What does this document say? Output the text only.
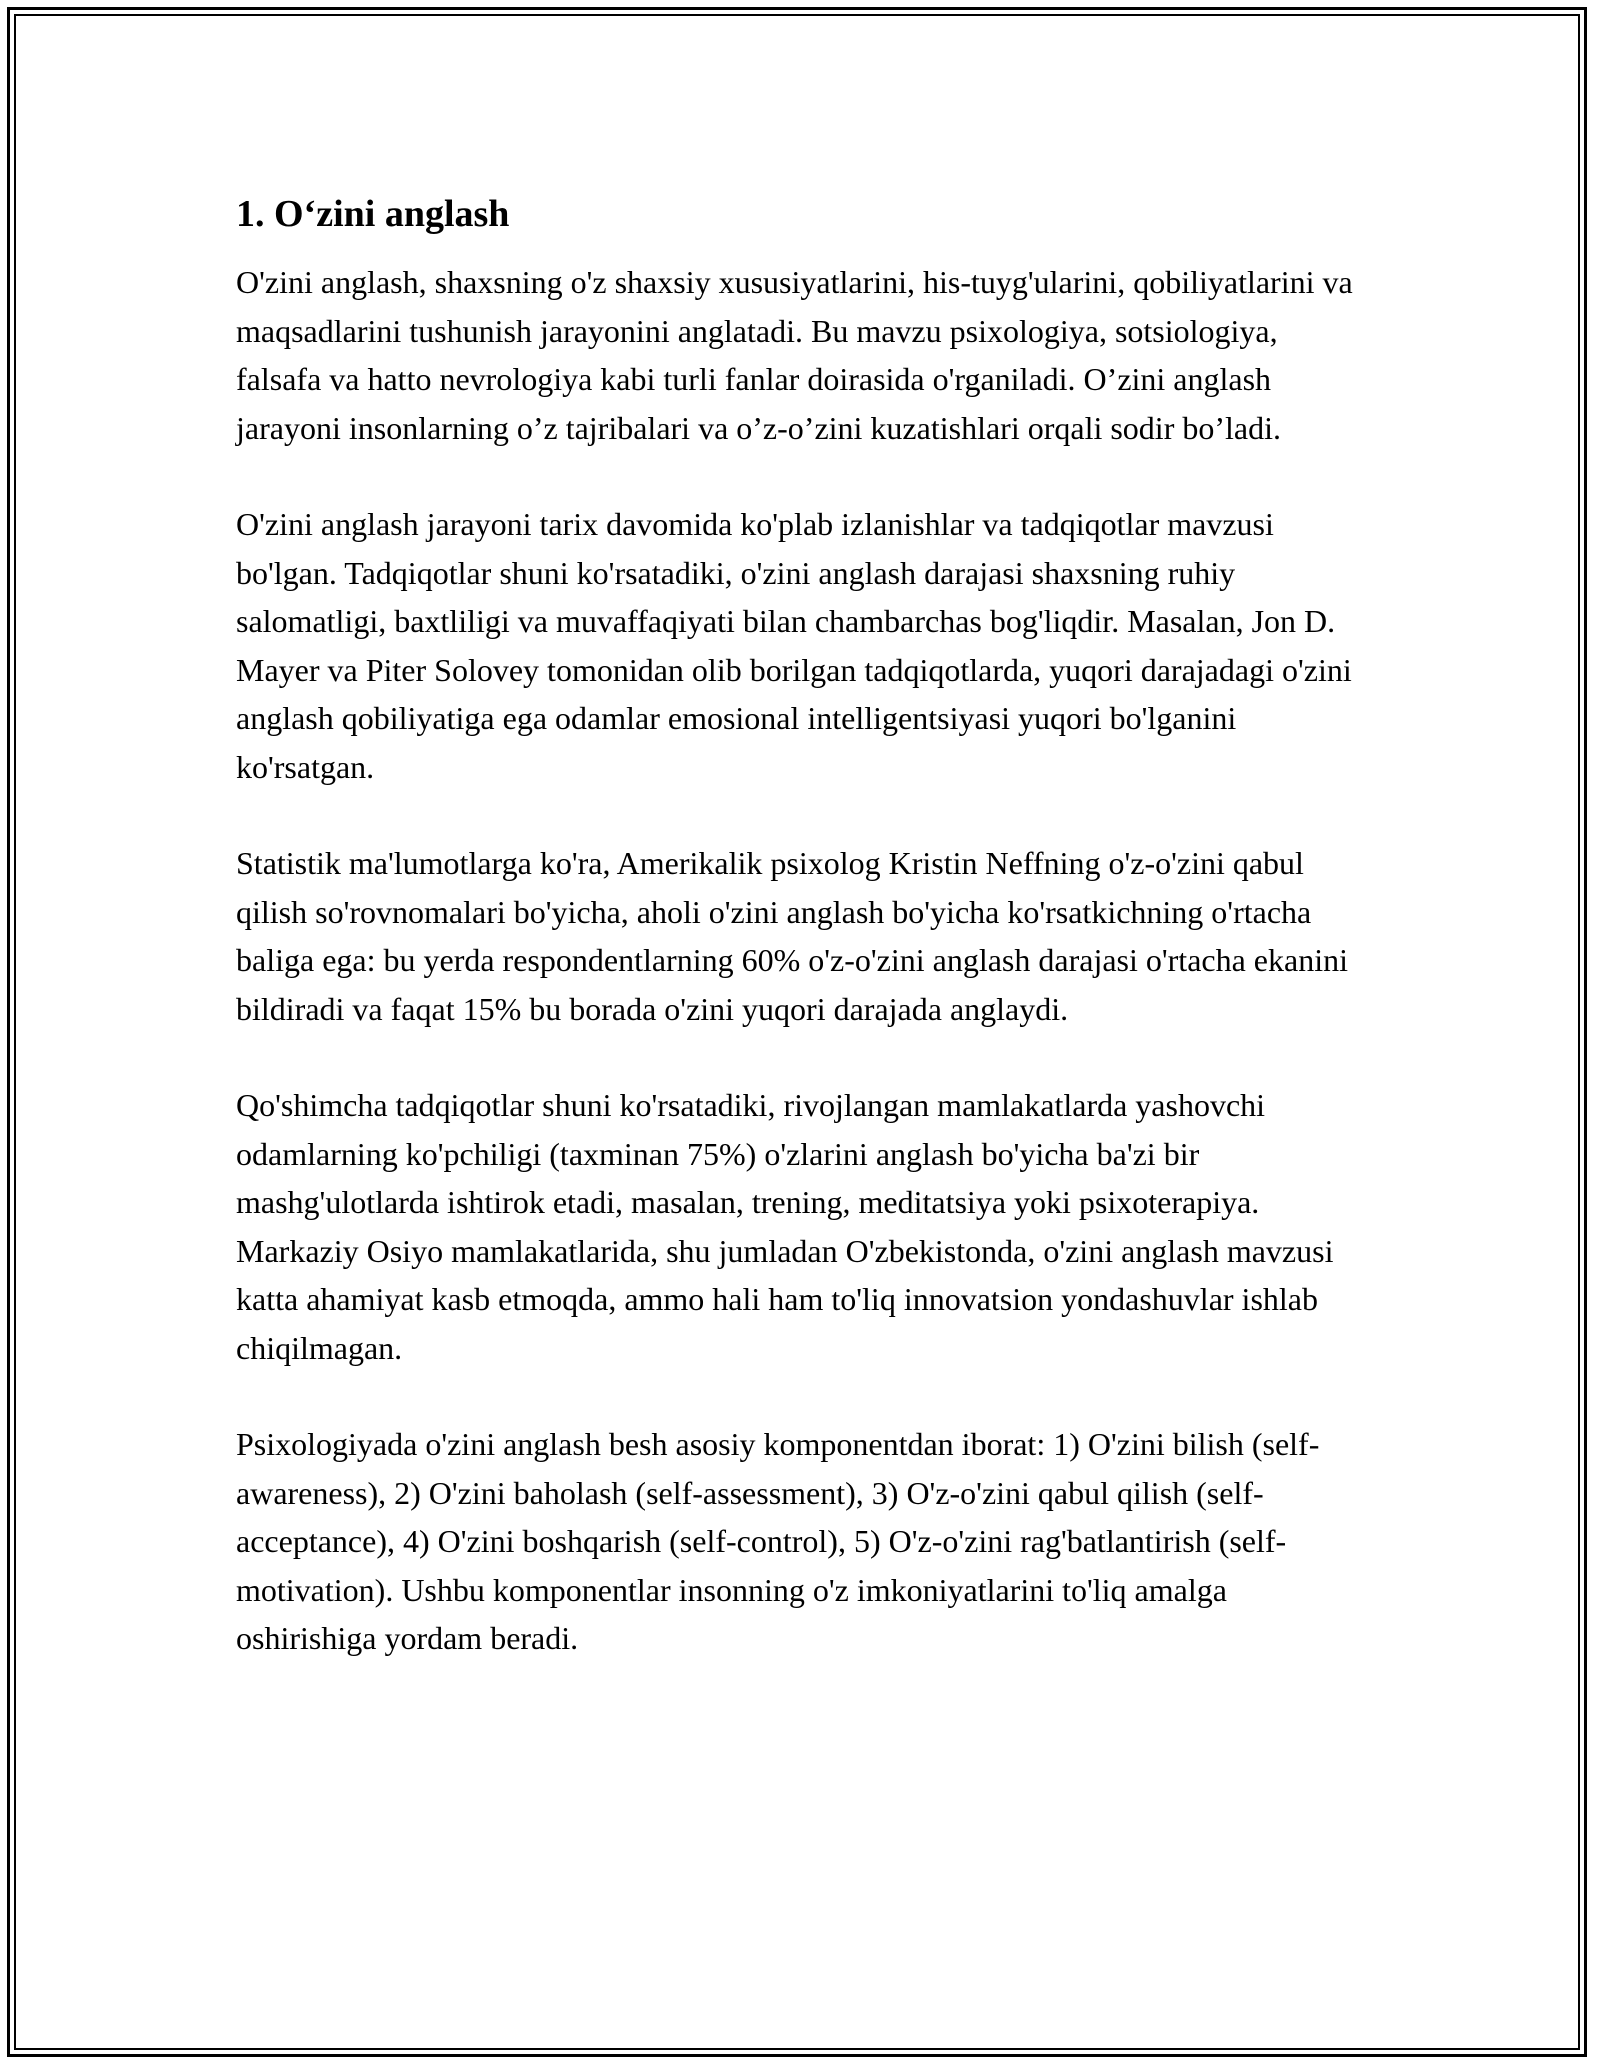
1. O‘zini anglash

O'zini anglash, shaxsning o'z shaxsiy xususiyatlarini, his-tuyg'ularini, qobiliyatlarini va maqsadlarini tushunish jarayonini anglatadi. Bu mavzu psixologiya, sotsiologiya, falsafa va hatto nevrologiya kabi turli fanlar doirasida o'rganiladi. O’zini anglash jarayoni insonlarning o’z tajribalari va o’z-o’zini kuzatishlari orqali sodir bo’ladi.

O'zini anglash jarayoni tarix davomida ko'plab izlanishlar va tadqiqotlar mavzusi bo'lgan. Tadqiqotlar shuni ko'rsatadiki, o'zini anglash darajasi shaxsning ruhiy salomatligi, baxtliligi va muvaffaqiyati bilan chambarchas bog'liqdir. Masalan, Jon D. Mayer va Piter Solovey tomonidan olib borilgan tadqiqotlarda, yuqori darajadagi o'zini anglash qobiliyatiga ega odamlar emosional intelligentsiyasi yuqori bo'lganini ko'rsatgan.

Statistik ma'lumotlarga ko'ra, Amerikalik psixolog Kristin Neffning o'z-o'zini qabul qilish so'rovnomalari bo'yicha, aholi o'zini anglash bo'yicha ko'rsatkichning o'rtacha baliga ega: bu yerda respondentlarning 60% o'z-o'zini anglash darajasi o'rtacha ekanini bildiradi va faqat 15% bu borada o'zini yuqori darajada anglaydi.

Qo'shimcha tadqiqotlar shuni ko'rsatadiki, rivojlangan mamlakatlarda yashovchi odamlarning ko'pchiligi (taxminan 75%) o'zlarini anglash bo'yicha ba'zi bir mashg'ulotlarda ishtirok etadi, masalan, trening, meditatsiya yoki psixoterapiya. Markaziy Osiyo mamlakatlarida, shu jumladan O'zbekistonda, o'zini anglash mavzusi katta ahamiyat kasb etmoqda, ammo hali ham to'liq innovatsion yondashuvlar ishlab chiqilmagan.

Psixologiyada o'zini anglash besh asosiy komponentdan iborat: 1) O'zini bilish (self-awareness), 2) O'zini baholash (self-assessment), 3) O'z-o'zini qabul qilish (self-acceptance), 4) O'zini boshqarish (self-control), 5) O'z-o'zini rag'batlantirish (self-motivation). Ushbu komponentlar insonning o'z imkoniyatlarini to'liq amalga oshirishiga yordam beradi.
